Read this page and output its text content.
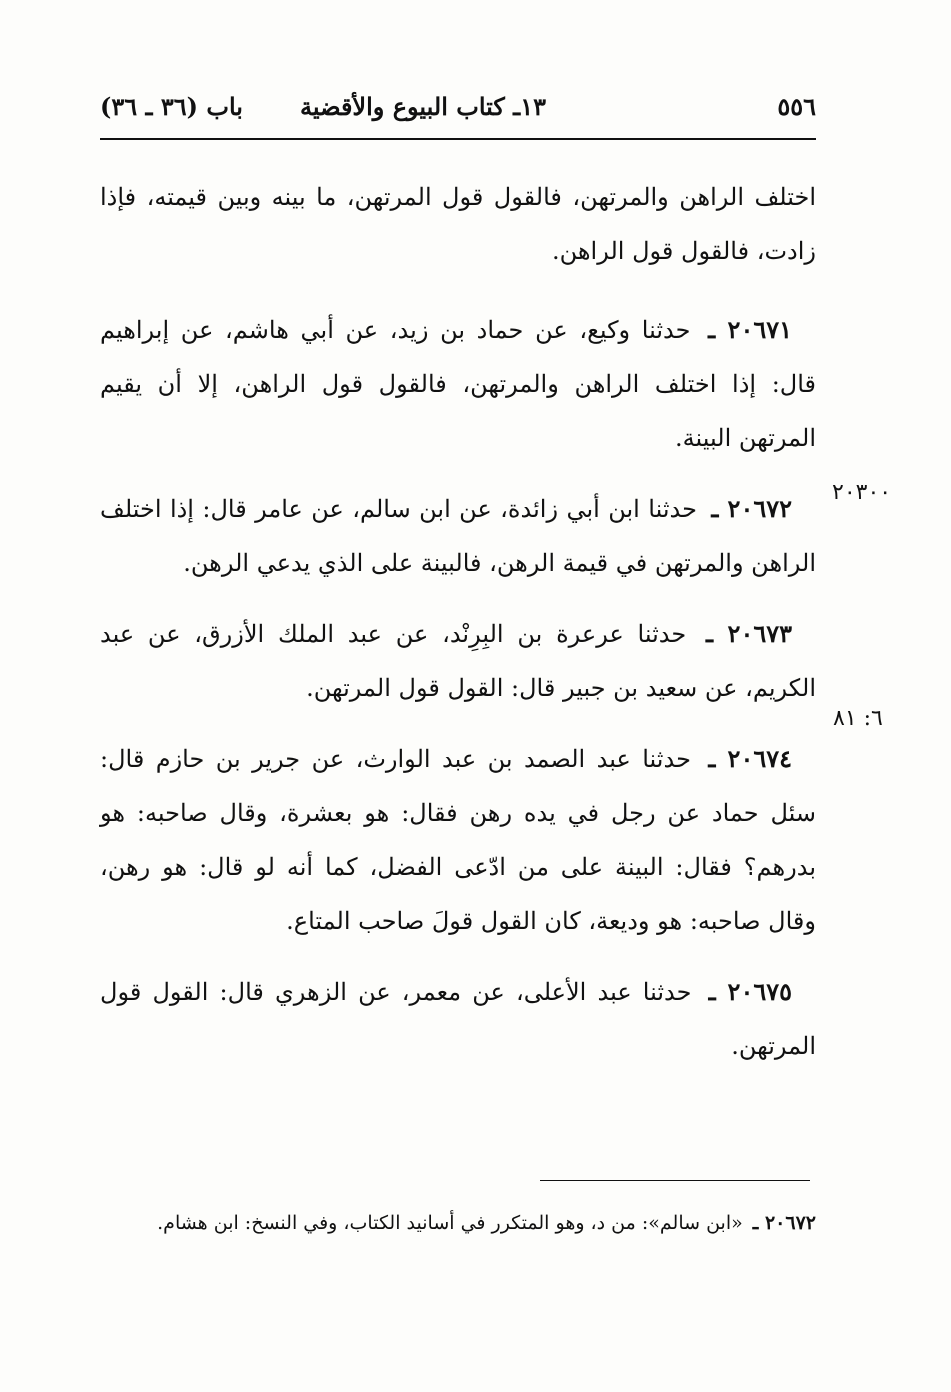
٥٥٦
١٣ـ كتاب البيوع والأقضية
باب (٣٦ ـ ٣٦)

اختلف الراهن والمرتهن، فالقول قول المرتهن، ما بينه وبين قيمته، فإذا زادت، فالقول قول الراهن.

٢٠٦٧١ ـ حدثنا وكيع، عن حماد بن زيد، عن أبي هاشم، عن إبراهيم قال: إذا اختلف الراهن والمرتهن، فالقول قول الراهن، إلا أن يقيم المرتهن البينة.

٢٠٦٧٢ ـ حدثنا ابن أبي زائدة، عن ابن سالم، عن عامر قال: إذا اختلف الراهن والمرتهن في قيمة الرهن، فالبينة على الذي يدعي الرهن.

٢٠٦٧٣ ـ حدثنا عرعرة بن البِرِنْد، عن عبد الملك الأزرق، عن عبد الكريم، عن سعيد بن جبير قال: القول قول المرتهن.

٢٠٦٧٤ ـ حدثنا عبد الصمد بن عبد الوارث، عن جرير بن حازم قال: سئل حماد عن رجل في يده رهن فقال: هو بعشرة، وقال صاحبه: هو بدرهم؟ فقال: البينة على من ادّعى الفضل، كما أنه لو قال: هو رهن، وقال صاحبه: هو وديعة، كان القول قولَ صاحب المتاع.

٢٠٦٧٥ ـ حدثنا عبد الأعلى، عن معمر، عن الزهري قال: القول قول المرتهن.

٢٠٣٠٠
٦: ٨١
٢٠٦٧٢ ـ «ابن سالم»: من د، وهو المتكرر في أسانيد الكتاب، وفي النسخ: ابن هشام.
